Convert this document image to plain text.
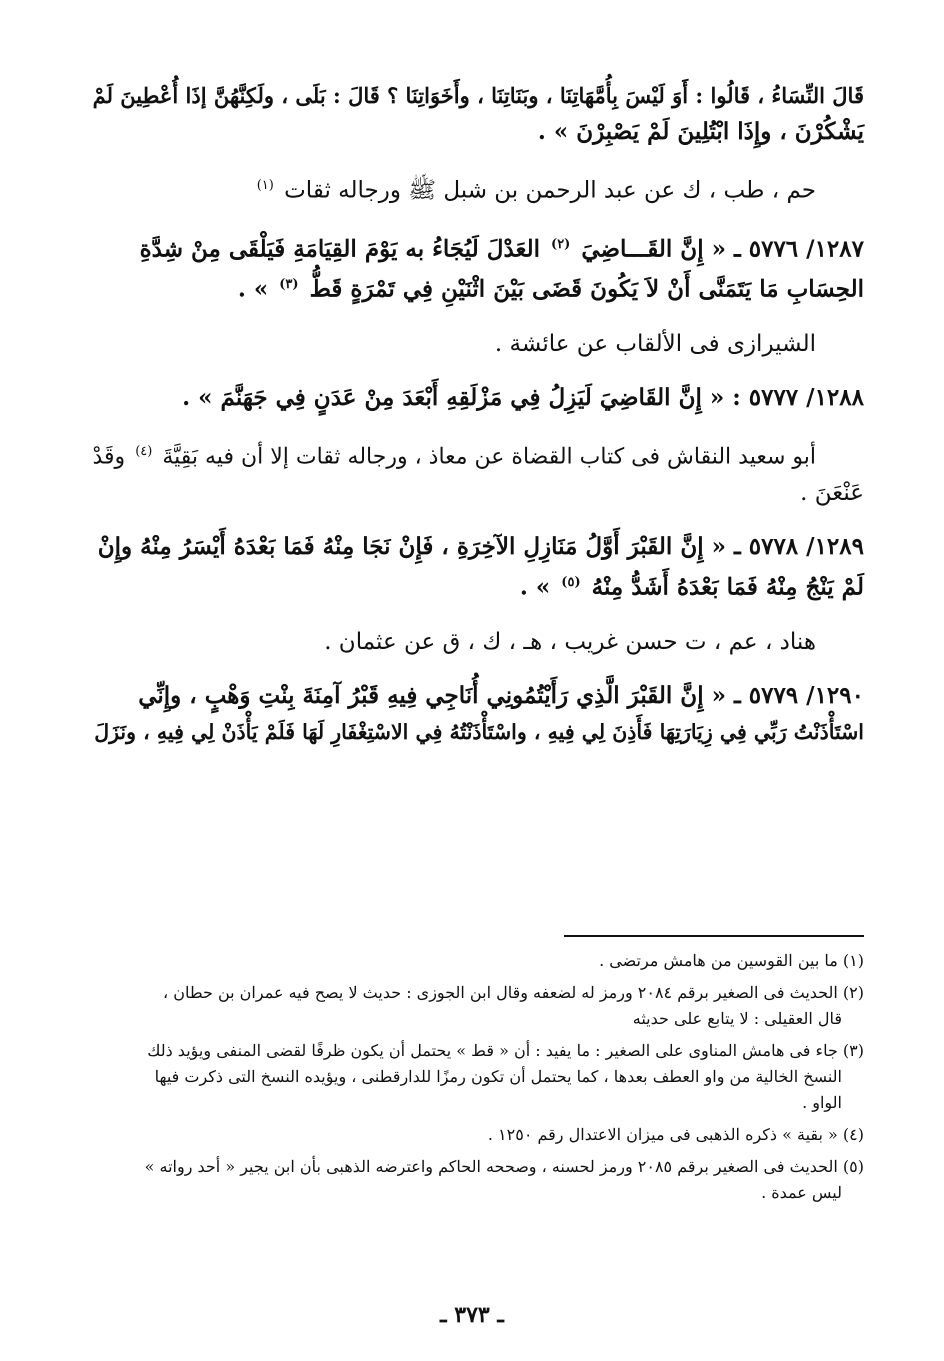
قَالَ النِّسَاءُ ، قَالُوا : أَوَ لَيْسَ بِأُمَّهَاتِنَا ، وبَنَاتِنَا ، وأَخَوَاتِنَا ؟ قَالَ : بَلَى ، ولَكِنَّهُنَّ إذَا أُعْطِينَ لَمْ

يَشْكُرْنَ ، وإِذَا ابْتُلِينَ لَمْ يَصْبِرْنَ » .

حم ، طب ، ك عن عبد الرحمن بن شبل ﷺ ورجاله ثقات $^{(١)}$

١٢٨٧/ ٥٧٧٦ ـ « إِنَّ القَـــاضِيَ $^{(٢)}$ العَدْلَ لَيُجَاءُ به يَوْمَ القِيَامَةِ فَيَلْقَى مِنْ شِدَّةِ

الحِسَابِ مَا يَتَمَنَّى أَنْ لاَ يَكُونَ قَضَى بَيْنَ اثْنَيْنِ فِي تَمْرَةٍ قَطُّ $^{(٣)}$ » .

الشيرازى فى الألقاب عن عائشة .

١٢٨٨/ ٥٧٧٧ : « إِنَّ القَاضِيَ لَيَزِلُ فِي مَزْلَقِهِ أَبْعَدَ مِنْ عَدَنٍ فِي جَهَنَّمَ » .

أبو سعيد النقاش فى كتاب القضاة عن معاذ ، ورجاله ثقات إلا أن فيه بَقِيَّةَ $^{(٤)}$ وقَدْ

عَنْعَنَ .

١٢٨٩/ ٥٧٧٨ ـ « إِنَّ القَبْرَ أَوَّلُ مَنَازِلِ الآخِرَةِ ، فَإِنْ نَجَا مِنْهُ فَمَا بَعْدَهُ أَيْسَرُ مِنْهُ وإِنْ

لَمْ يَنْجُ مِنْهُ فَمَا بَعْدَهُ أَشَدُّ مِنْهُ $^{(٥)}$ » .

هناد ، عم ، ت حسن غريب ، هـ ، ك ، ق عن عثمان .

١٢٩٠/ ٥٧٧٩ ـ « إِنَّ القَبْرَ الَّذِي رَأَيْتُمُونِي أُنَاجِي فِيهِ قَبْرُ آمِنَةَ بِنْتِ وَهْبٍ ، وإِنِّي

اسْتَأْذَنْتُ رَبِّي فِي زِيَارَتِهَا فَأَذِنَ لِي فِيهِ ، واسْتَأْذَنْتُهُ فِي الاسْتِغْفَارِ لَهَا فَلَمْ يَأْذَنْ لِي فِيهِ ، ونَزَلَ

(١) ما بين القوسين من هامش مرتضى .
(٢) الحديث فى الصغير برقم ٢٠٨٤ ورمز له لضعفه وقال ابن الجوزى : حديث لا يصح فيه عمران بن حطان ،
قال العقيلى : لا يتابع على حديثه
(٣) جاء فى هامش المناوى على الصغير : ما يفيد : أن « قط » يحتمل أن يكون ظرفًا لقضى المنفى ويؤيد ذلك
النسخ الخالية من واو العطف بعدها ، كما يحتمل أن تكون رمزًا للدارقطنى ، ويؤيده النسخ التى ذكرت فيها
الواو .
(٤) « بقية » ذكره الذهبى فى ميزان الاعتدال رقم ١٢٥٠ .
(٥) الحديث فى الصغير برقم ٢٠٨٥ ورمز لحسنه ، وصححه الحاكم واعترضه الذهبى بأن ابن يجير « أحد رواته »
ليس عمدة .
ـ ٣٧٣ ـ
